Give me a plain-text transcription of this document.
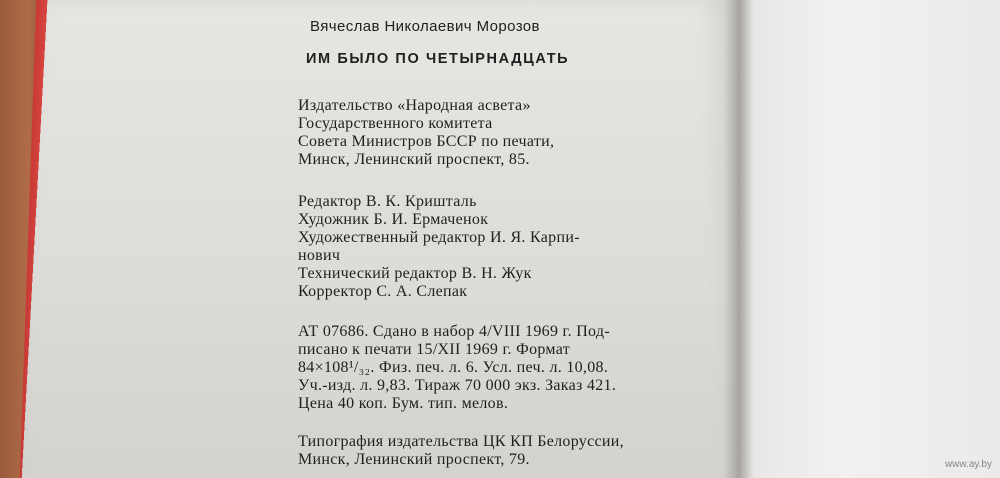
Вячеслав Николаевич Морозов
ИМ БЫЛО ПО ЧЕТЫРНАДЦАТЬ

Издательство «Народная асвета»

Государственного комитета

Совета Министров БССР по печати,

Минск, Ленинский проспект, 85.

Редактор В. К. Кришталь

Художник Б. И. Ермаченок

Художественный редактор И. Я. Карпи-

нович

Технический редактор В. Н. Жук

Корректор С. А. Слепак

АТ 07686. Сдано в набор 4/VIII 1969 г. Под-

писано к печати 15/XII 1969 г. Формат

84×108¹/₃₂. Физ. печ. л. 6. Усл. печ. л. 10,08.

Уч.-изд. л. 9,83. Тираж 70 000 экз. Заказ 421.

Цена 40 коп. Бум. тип. мелов.

Типография издательства ЦК КП Белоруссии,

Минск, Ленинский проспект, 79.	www.ay.by
